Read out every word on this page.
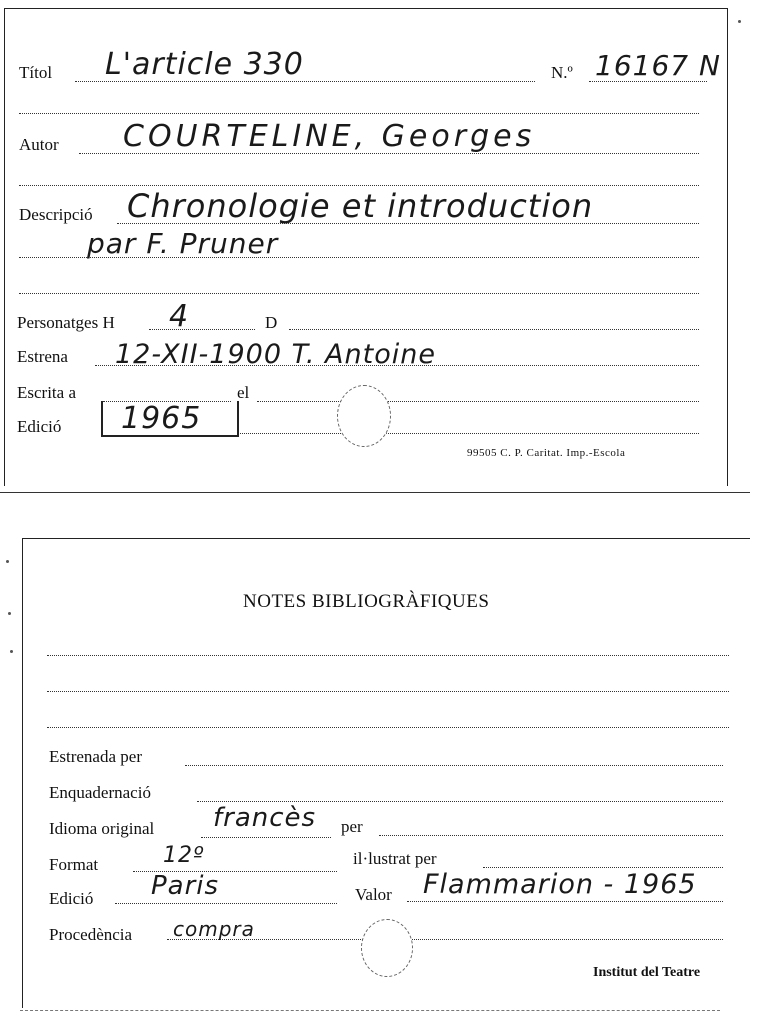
Títol L'article 330	N.º 16167 N
Autor COURTELINE, Georges
Descripció Chronologie et introduction
par F. Pruner
Personatges H 4	D
Estrena 12-XII-1900 T. Antoine
Escrita a	el
Edició 1965
99505 C. P. Caritat. Imp.-Escola
NOTES BIBLIOGRÀFIQUES
Estrenada per
Enquadernació
Idioma original francès per
Format	12º	il·lustrat per
Edició Paris	Valor Flammarion - 1965
Procedència compra
Institut del Teatre
